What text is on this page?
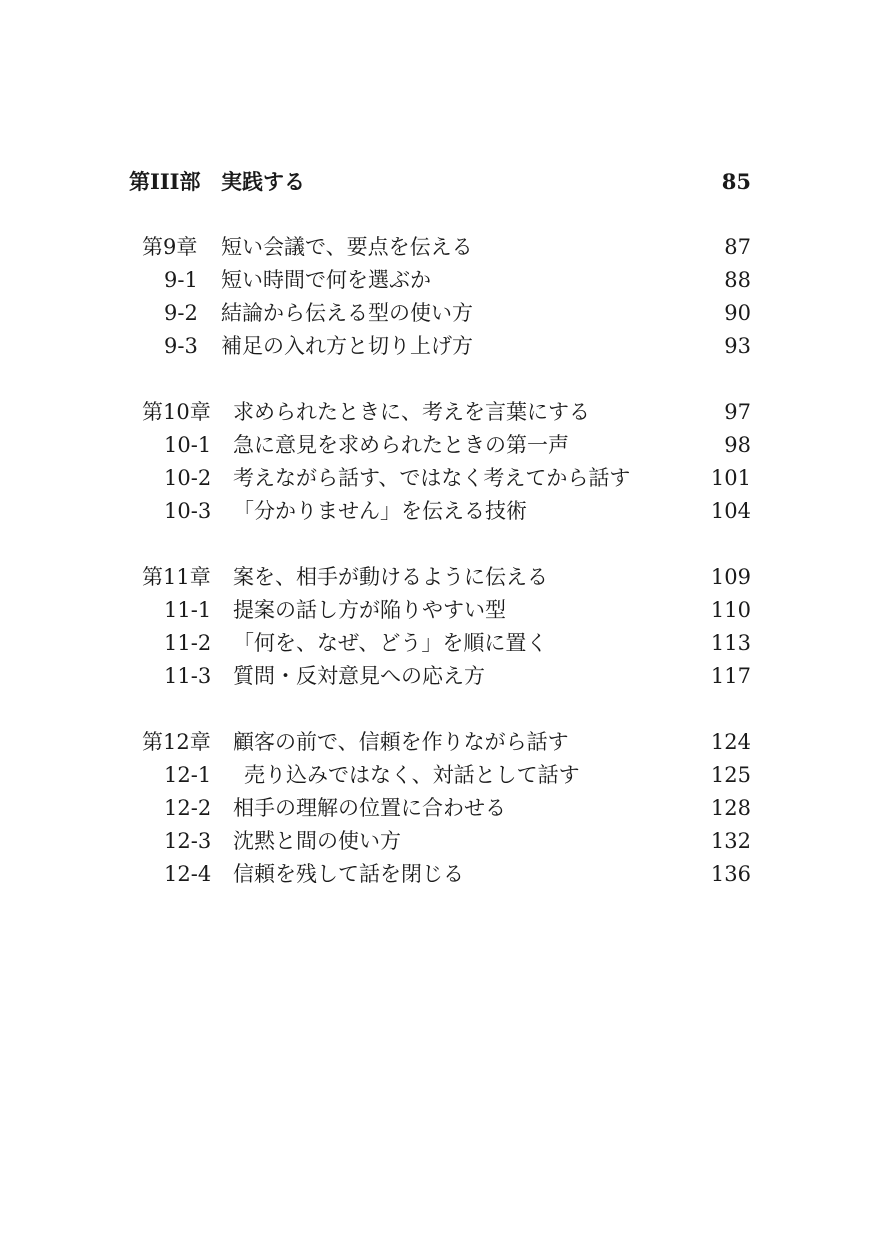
第III部 実践する	85
第9章 短い会議で、要点を伝える	87
9-1 短い時間で何を選ぶか	88
9-2 結論から伝える型の使い方	90
9-3 補足の入れ方と切り上げ方	93
第10章 求められたときに、考えを言葉にする	97
10-1 急に意見を求められたときの第一声	98
10-2 考えながら話す、ではなく考えてから話す	101
10-3 「分かりません」を伝える技術	104
第11章 案を、相手が動けるように伝える	109
11-1 提案の話し方が陥りやすい型	110
11-2 「何を、なぜ、どう」を順に置く	113
11-3 質問・反対意見への応え方	117
第12章 顧客の前で、信頼を作りながら話す	124
12-1 売り込みではなく、対話として話す	125
12-2 相手の理解の位置に合わせる	128
12-3 沈黙と間の使い方	132
12-4 信頼を残して話を閉じる	136
